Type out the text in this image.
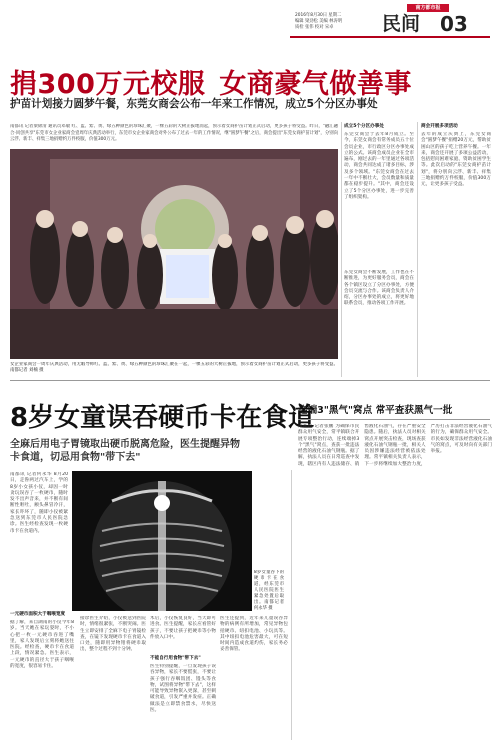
2016年8月30日 星期二
编辑 梁劲松 美编 林涛明
质检 张伟 校对 宋卓
南方都市报
民间 03
捐300万元校服 女商豪气做善事
护苗计划接力圆梦午餐，东莞女商会公布一年来工作情况，成立5个分区办事处
南都讯 记者梁锦清 通讯员邓敏 红、蓝、紫、黄、绿五种颜色的珍珠汇聚，一棵五彩的大树正拔地而起，预示着女商护苗计划正式启动，更多孩子将受益。昨日，"融汇融合·同创共享"东莞市女企业家商会壹周年庆典活动举行，东莞市女企业家商会对外公布了过去一年的工作情况，继"圆梦午餐"之后，商会提出"东莞女商护苗计划"，分别向云浮、新丰、祥集三地捐赠约万件校服，价值300万元。
女企业家商会一周年庆典活动，用无暇导师红、蓝、紫、黄、绿五种颜色的珍珠汇聚在一起，一棵五彩的大树正拔地，预示着女商护苗计划正式启动，更多孩子将受益。南都记者 刘楠 摄
成立5个分区办事处
东莞女商会于去年8月成立。至今，东莞女商会有常务成员五十位会员企业，市行政区分区办事处成立的公式。该商会成员企业在全市遍布，刚过去的一年里通过各项活动，商会共同达成了诸多目标，涉及多个领域。"东莞女商会在过去一年中不断壮大，会员数量和质量都在稳步提升。"其中，商会还设立了5个分区办事处，进一步完善了组织架构。
东莞女商会不断发展，工作也在不断推进，为更好服务会员，商会在各个镇区设立了分区办事处，方便会员交流与合作。该商会负责人介绍，分区办事处的成立，将更好地联系会员，推动各项工作开展。
商会开展多项活动
去年的成立庆典上，东莞女商会"圆梦午餐"捐赠20万元，帮助贫困山区的孩子吃上营养午餐。一年来，商会还开展了多项公益活动，包括慰问困难家庭、资助贫困学生等。此次启动的"东莞女商护苗计划"，将分别向云浮、新丰、祥集三地捐赠约万件校服，价值300万元，让更多孩子受益。
8岁女童误吞硬币卡在食道
全麻后用电子胃镜取出硬币脱离危险，医生提醒异物卡食道，切忌用食物"带下去"
南都讯 记者何永华 8月20日，走鲁两过汽车上，学的8岁小女孩小仪，却因一时贪玩误吞了一枚硬币，随时发不出声音来，并不断有间断性呕吐，额头鼻冒冷汗，家长吓坏了，随即小仪被紧急送到东莞市人民医院急诊。医生经检查发现一枚硬币卡在食道内。
8岁女童吞下的硬币卡在食道，经东莞市人民医院医生紧急处置后取出。南都记者 何永华 摄
一元硬币面积大于咽喉宽度
据了解，来自湖南的小仪今年8岁。当天她在家玩耍时，不小心把一枚一元硬币吞进了嘴里，家人发现后立刻将她送往医院。经检查，硬币卡在食道上段，情况紧急。医生表示，一元硬币的直径大于孩子咽喉的宽度，很容易卡住。
接诊医生介绍，小仪被送到医院时，情绪很紧张，不断哭闹。医生立即安排了全麻下电子胃镜检查，在镜下发现硬币卡在食道入口处，随即用异物钳将硬币取出，整个过程不到十分钟。
术后，小仪恢复良好，当天即可进食。医生提醒，家长应看管好孩子，不要让孩子把硬币等小物件放入口中。
不能自行用食物"带下去"
医生特别提醒，一旦发现孩子误吞异物，家长不要慌张，不要让孩子强行吞咽饭团、馒头等食物，试图将异物"带下去"，这样可能导致异物嵌入更深，甚至刺破食道，引发严重并发症。正确做法是立即禁食禁水，尽快送医。
医生还提到，近年来儿童误吞异物的病例有所增加，常见异物包括硬币、纽扣电池、小玩具等。其中纽扣电池危害最大，可在短时间内造成食道灼伤，家长务必妥善保管。
连端3"黑气"窝点 常平查获黑气一批
南都讯 记者张鹏 为确保市民群众用气安全，常平镇联合开展专项整治行动，连续端掉3个"黑气"窝点，查获一批违法经营的液化石油气钢瓶。据了解，执法人员在日常巡查中发现，辖区内有人违法储存、销售液化石油气，存在严重安全隐患。随后，执法人员对相关窝点开展突击检查，现场查获液化石油气钢瓶一批，相关人员因涉嫌违法经营被依法处理。常平镇相关负责人表示，下一步将继续加大整治力度，严厉打击非法经营液化石油气的行为，确保群众用气安全。市民如发现非法经营液化石油气的窝点，可及时向有关部门举报。
